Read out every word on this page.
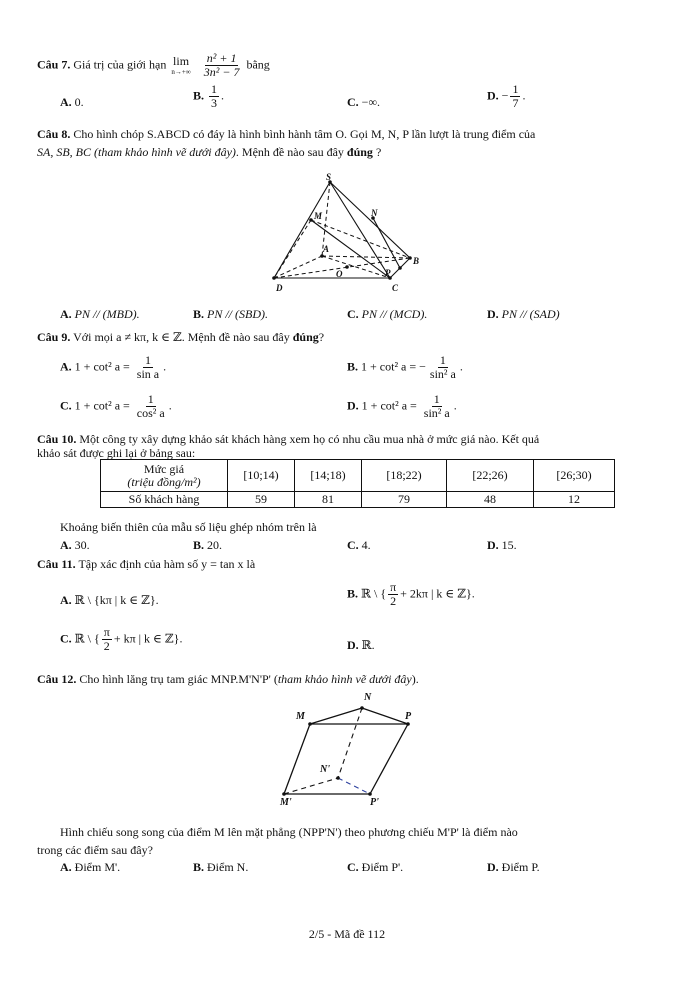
Câu 7. Giá trị của giới hạn lim
n→+∞
$\frac{\text{n² + 1}}{\text{3n² − 7}}$ bằng
A. 0.	B. $\frac{1}{3}$ .	C. −∞.	D. − $\frac{1}{7}$ .
Câu 8. Cho hình chóp S.ABCD có đáy là hình bình hành tâm O. Gọi M, N, P lần lượt là trung điểm của
SA, SB, BC (tham khảo hình vẽ dưới đây). Mệnh đề nào sau đây đúng ?
S
M	N
A
B
O	P
D	C
A. PN // (MBD).	B. PN // (SBD).	C. PN // (MCD).	D. PN // (SAD)
Câu 9. Với mọi a ≠ kπ, k ∈ ℤ. Mệnh đề nào sau đây đúng?
A. 1 + cot² $a = \frac{1}{\text{sin a}}$ .	B. 1 + cot² a = − $\frac{1}{\text{sin² a}}$ .
C. 1 + cot² $a = \frac{1}{\text{cos² a}}$ .	D. 1 + cot² $a = \frac{1}{\text{sin² a}}$ .
Câu 10. Một công ty xây dựng khảo sát khách hàng xem họ có nhu cầu mua nhà ở mức giá nào. Kết quả
khảo sát được ghi lại ở bảng sau:
Mức giá
(triệu đồng/m²)	[10;14)	[14;18)	[18;22)	[22;26)	[26;30)
Số khách hàng	59	81	79	48	12
Khoảng biến thiên của mẫu số liệu ghép nhóm trên là
A. 30.	B. 20.	C. 4.	D. 15.
Câu 11. Tập xác định của hàm số y = tan x là
A. ℝ \ {kπ | k ∈ ℤ}.	B. ℝ \ { $\frac{\pi}{2} + 2k\pi$ | k ∈ ℤ}.
C. ℝ \ { $\frac{\pi}{2} + k\pi$ | k ∈ ℤ}.	D. ℝ.
Câu 12. Cho hình lăng trụ tam giác MNP.M'N'P' (tham khảo hình vẽ dưới đây).
N
M	P
N'
M'	P'
Hình chiếu song song của điểm M lên mặt phẳng (NPP'N') theo phương chiếu M'P' là điểm nào
trong các điểm sau đây?
A. Điểm M'.	B. Điểm N.	C. Điểm P'.	D. Điểm P.
2/5 - Mã đề 112
